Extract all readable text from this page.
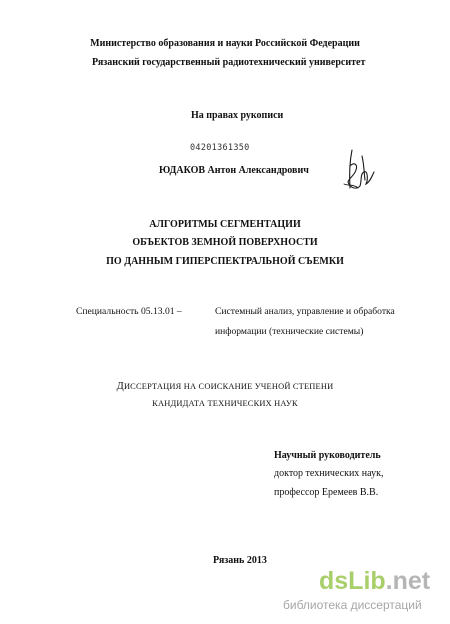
Министерство образования и науки Российской Федерации
Рязанский государственный радиотехнический университет
На правах рукописи
04201361350
ЮДАКОВ Антон Александрович
АЛГОРИТМЫ СЕГМЕНТАЦИИ
ОБЪЕКТОВ ЗЕМНОЙ ПОВЕРХНОСТИ
ПО ДАННЫМ ГИПЕРСПЕКТРАЛЬНОЙ СЪЕМКИ
Специальность 05.13.01 –	Системный анализ, управление и обработка
информации (технические системы)
ДИССЕРТАЦИЯ НА СОИСКАНИЕ УЧЕНОЙ СТЕПЕНИ
КАНДИДАТА ТЕХНИЧЕСКИХ НАУК
Научный руководитель
доктор технических наук,
профессор Еремеев В.В.
Рязань 2013
dsLib.net
библиотека диссертаций
